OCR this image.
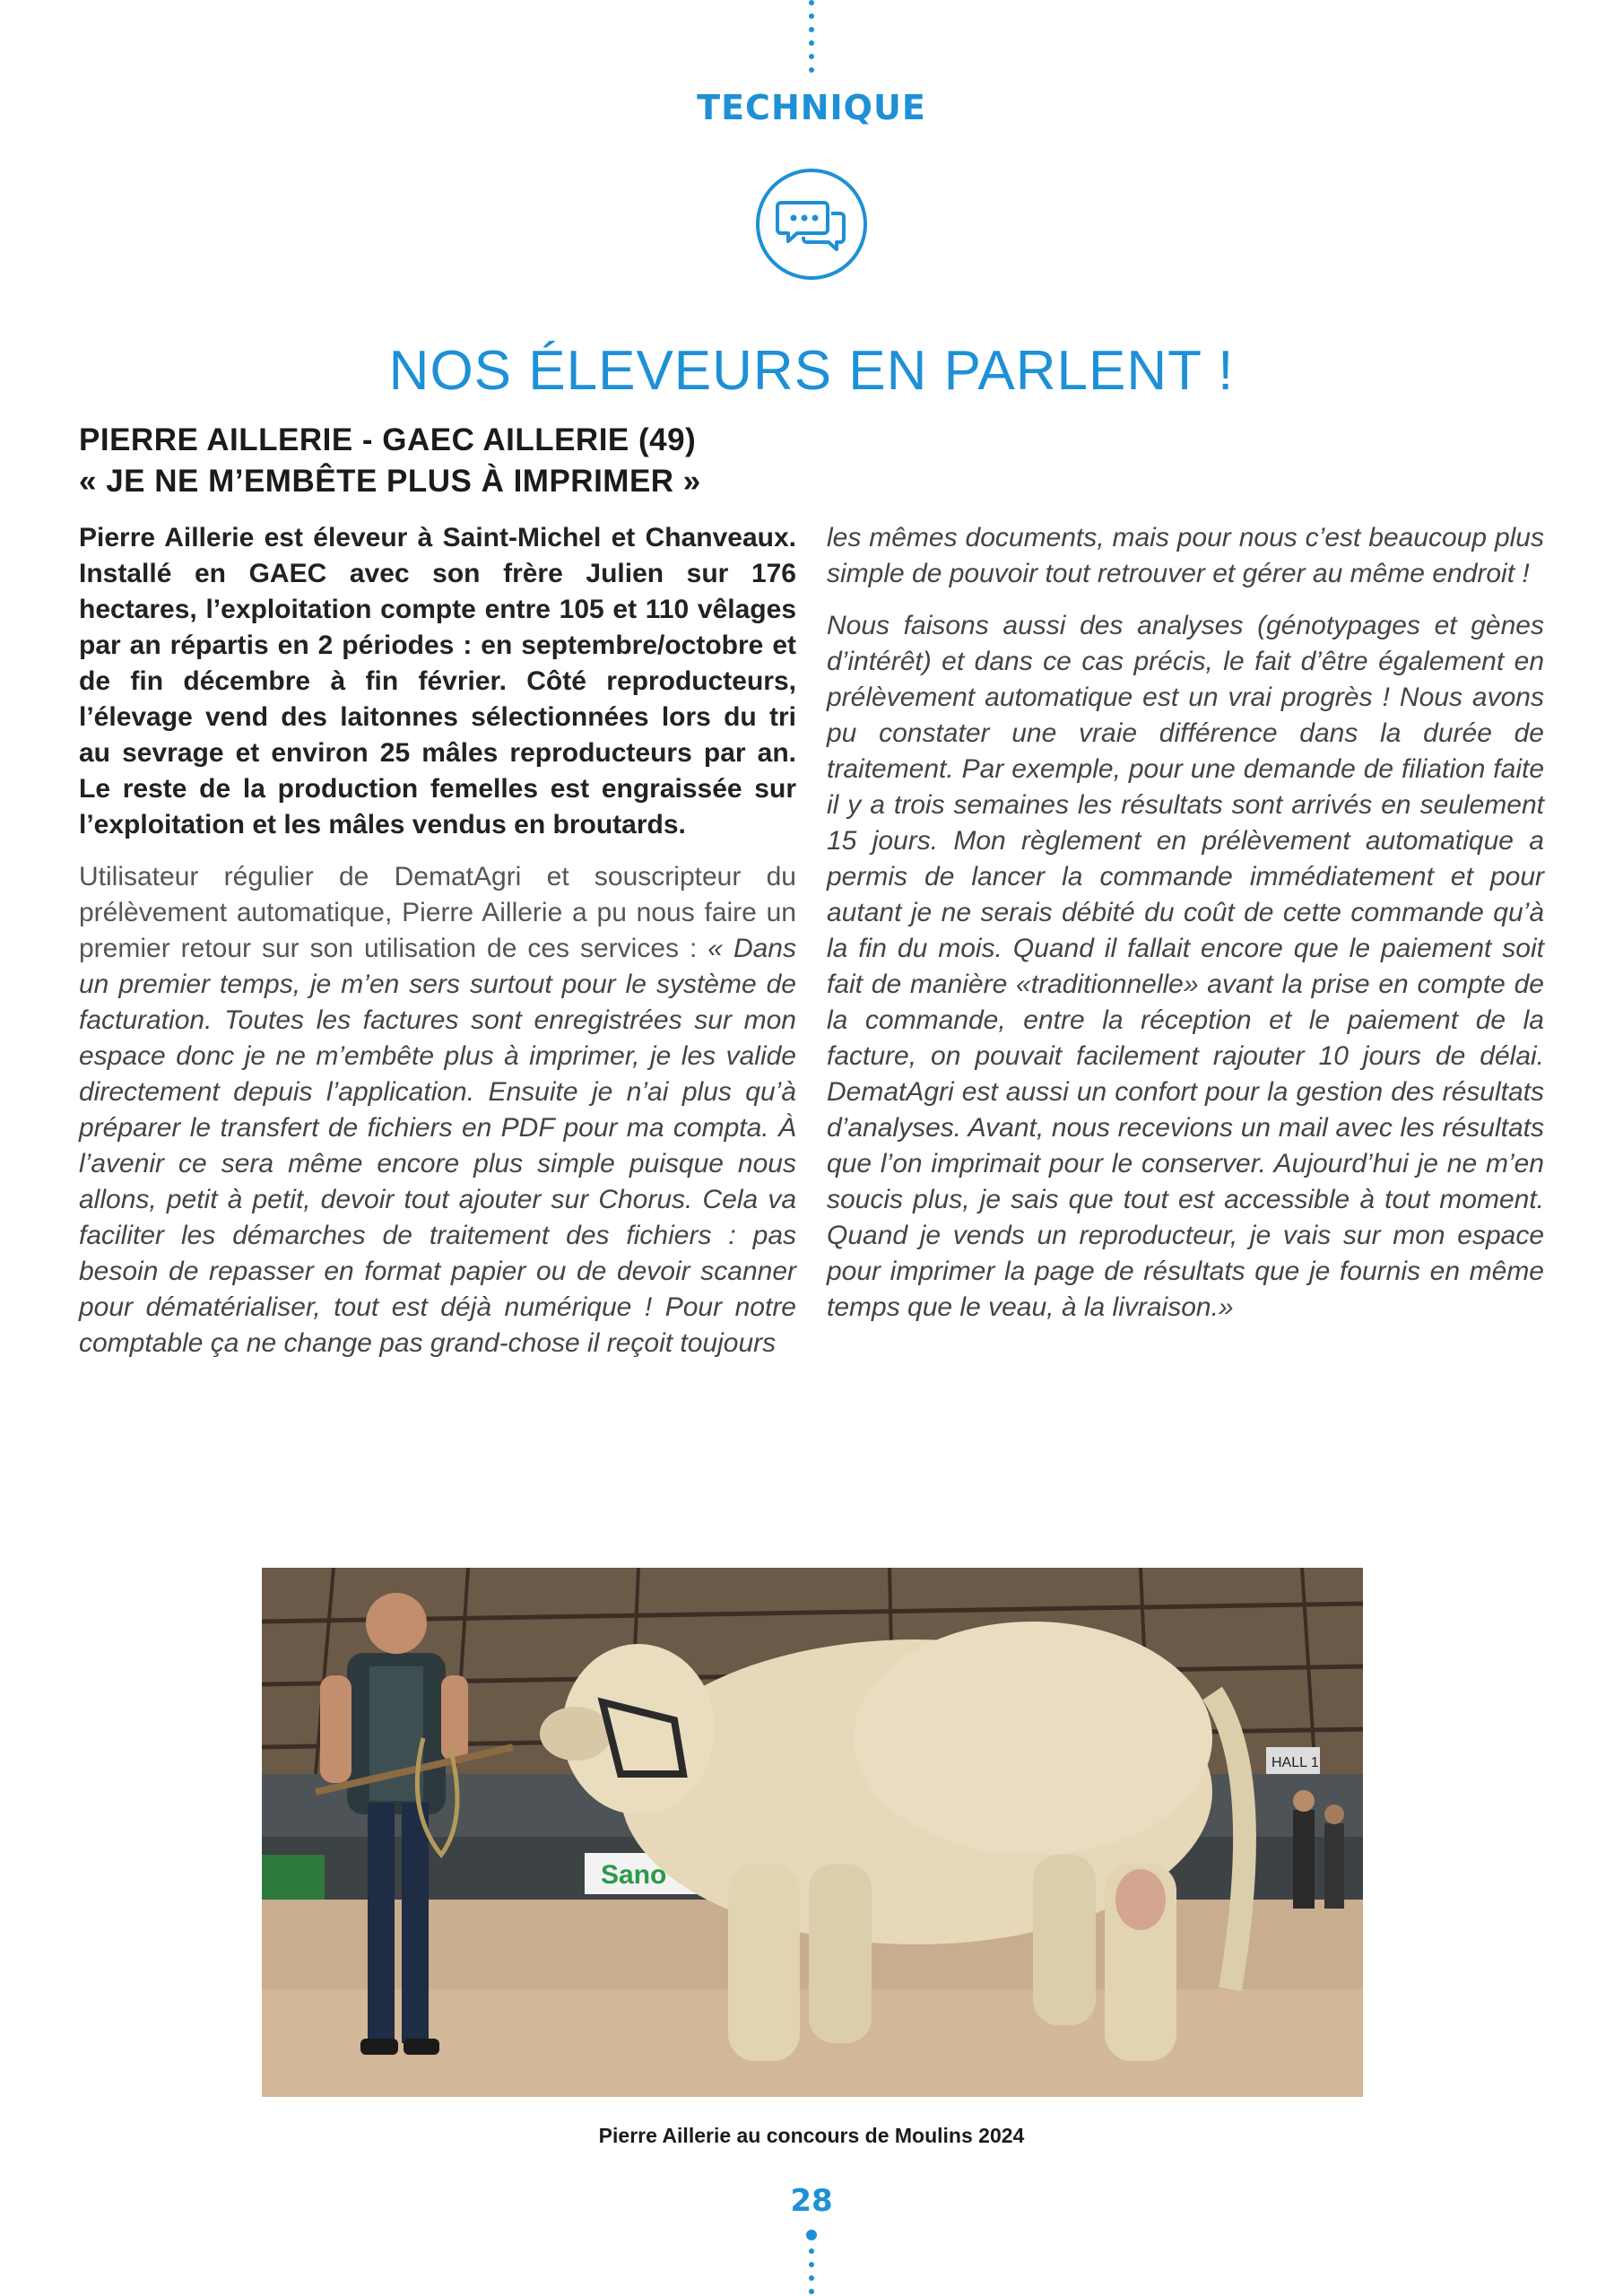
TECHNIQUE
NOS ÉLEVEURS EN PARLENT !
PIERRE AILLERIE - GAEC AILLERIE (49)
« JE NE M’EMBÊTE PLUS À IMPRIMER »

Pierre Aillerie est éleveur à Saint-Michel et Chanveaux. Installé en GAEC avec son frère Julien sur 176 hectares, l’exploitation compte entre 105 et 110 vêlages par an répartis en 2 périodes : en septembre/octobre et de fin décembre à fin février. Côté reproducteurs, l’élevage vend des laitonnes sélectionnées lors du tri au sevrage et environ 25 mâles reproducteurs par an. Le reste de la production femelles est engraissée sur l’exploitation et les mâles vendus en broutards.

Utilisateur régulier de DematAgri et souscripteur du prélèvement automatique, Pierre Aillerie a pu nous faire un premier retour sur son utilisation de ces services : « Dans un premier temps, je m’en sers surtout pour le système de facturation. Toutes les factures sont enregistrées sur mon espace donc je ne m’embête plus à imprimer, je les valide directement depuis l’application. Ensuite je n’ai plus qu’à préparer le transfert de fichiers en PDF pour ma compta. À l’avenir ce sera même encore plus simple puisque nous allons, petit à petit, devoir tout ajouter sur Chorus. Cela va faciliter les démarches de traitement des fichiers : pas besoin de repasser en format papier ou de devoir scanner pour dématérialiser, tout est déjà numérique ! Pour notre comptable ça ne change pas grand-chose il reçoit toujours

les mêmes documents, mais pour nous c’est beaucoup plus simple de pouvoir tout retrouver et gérer au même endroit !

Nous faisons aussi des analyses (génotypages et gènes d’intérêt) et dans ce cas précis, le fait d’être également en prélèvement automatique est un vrai progrès ! Nous avons pu constater une vraie différence dans la durée de traitement. Par exemple, pour une demande de filiation faite il y a trois semaines les résultats sont arrivés en seulement 15 jours. Mon règlement en prélèvement automatique a permis de lancer la commande immédiatement et pour autant je ne serais débité du coût de cette commande qu’à la fin du mois. Quand il fallait encore que le paiement soit fait de manière «traditionnelle» avant la prise en compte de la commande, entre la réception et le paiement de la facture, on pouvait facilement rajouter 10 jours de délai. DematAgri est aussi un confort pour la gestion des résultats d’analyses. Avant, nous recevions un mail avec les résultats que l’on imprimait pour le conserver. Aujourd’hui je ne m’en soucis plus, je sais que tout est accessible à tout moment. Quand je vends un reproducteur, je vais sur mon espace pour imprimer la page de résultats que je fournis en même temps que le veau, à la livraison.»

HALL 1
Sano
Pierre Aillerie au concours de Moulins 2024
28
